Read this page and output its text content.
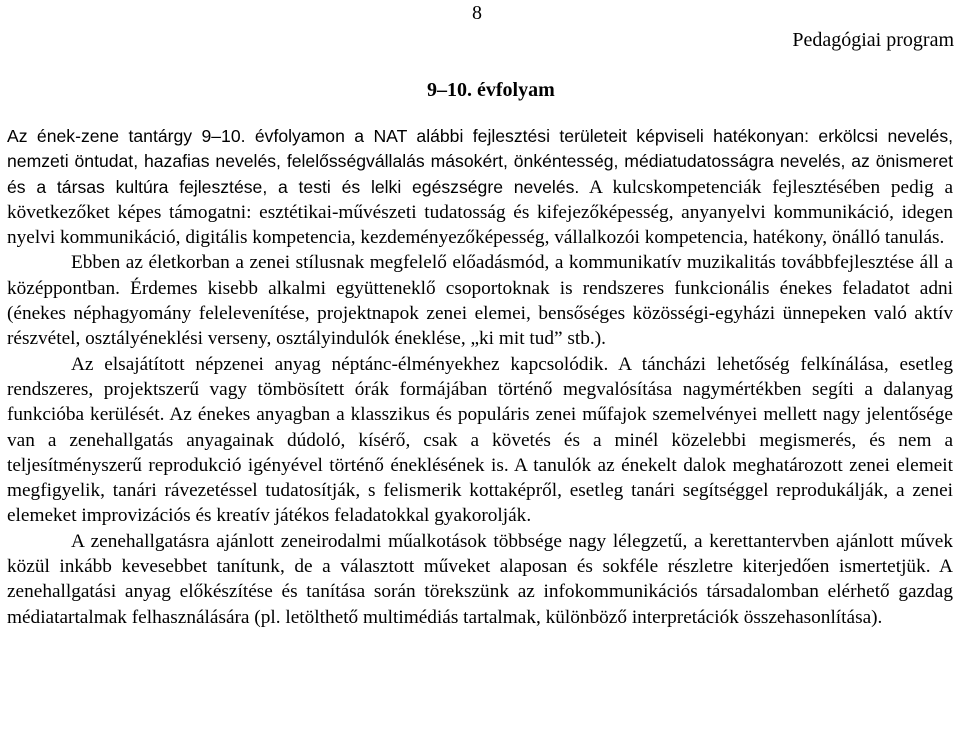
8
Pedagógiai program
9–10. évfolyam

Az ének-zene tantárgy 9–10. évfolyamon a NAT alábbi fejlesztési területeit képviseli hatékonyan: erkölcsi nevelés, nemzeti öntudat, hazafias nevelés, felelősségvállalás másokért, önkéntesség, médiatudatosságra nevelés, az önismeret és a társas kultúra fejlesztése, a testi és lelki egészségre nevelés. A kulcskompetenciák fejlesztésében pedig a következőket képes támogatni: esztétikai-művészeti tudatosság és kifejezőképesség, anyanyelvi kommunikáció, idegen nyelvi kommunikáció, digitális kompetencia, kezdeményezőképesség, vállalkozói kompetencia, hatékony, önálló tanulás.

Ebben az életkorban a zenei stílusnak megfelelő előadásmód, a kommunikatív muzikalitás továbbfejlesztése áll a középpontban. Érdemes kisebb alkalmi együtteneklő csoportoknak is rendszeres funkcionális énekes feladatot adni (énekes néphagyomány felelevenítése, projektnapok zenei elemei, bensőséges közösségi-egyházi ünnepeken való aktív részvétel, osztályéneklési verseny, osztályindulók éneklése, „ki mit tud” stb.).

Az elsajátított népzenei anyag néptánc-élményekhez kapcsolódik. A táncházi lehetőség felkínálása, esetleg rendszeres, projektszerű vagy tömbösített órák formájában történő megvalósítása nagymértékben segíti a dalanyag funkcióba kerülését. Az énekes anyagban a klasszikus és populáris zenei műfajok szemelvényei mellett nagy jelentősége van a zenehallgatás anyagainak dúdoló, kísérő, csak a követés és a minél közelebbi megismerés, és nem a teljesítményszerű reprodukció igényével történő éneklésének is. A tanulók az énekelt dalok meghatározott zenei elemeit megfigyelik, tanári rávezetéssel tudatosítják, s felismerik kottaképről, esetleg tanári segítséggel reprodukálják, a zenei elemeket improvizációs és kreatív játékos feladatokkal gyakorolják.

A zenehallgatásra ajánlott zeneirodalmi műalkotások többsége nagy lélegzetű, a kerettantervben ajánlott művek közül inkább kevesebbet tanítunk, de a választott műveket alaposan és sokféle részletre kiterjedően ismertetjük. A zenehallgatási anyag előkészítése és tanítása során törekszünk az infokommunikációs társadalomban elérhető gazdag médiatartalmak felhasználására (pl. letölthető multimédiás tartalmak, különböző interpretációk összehasonlítása).
